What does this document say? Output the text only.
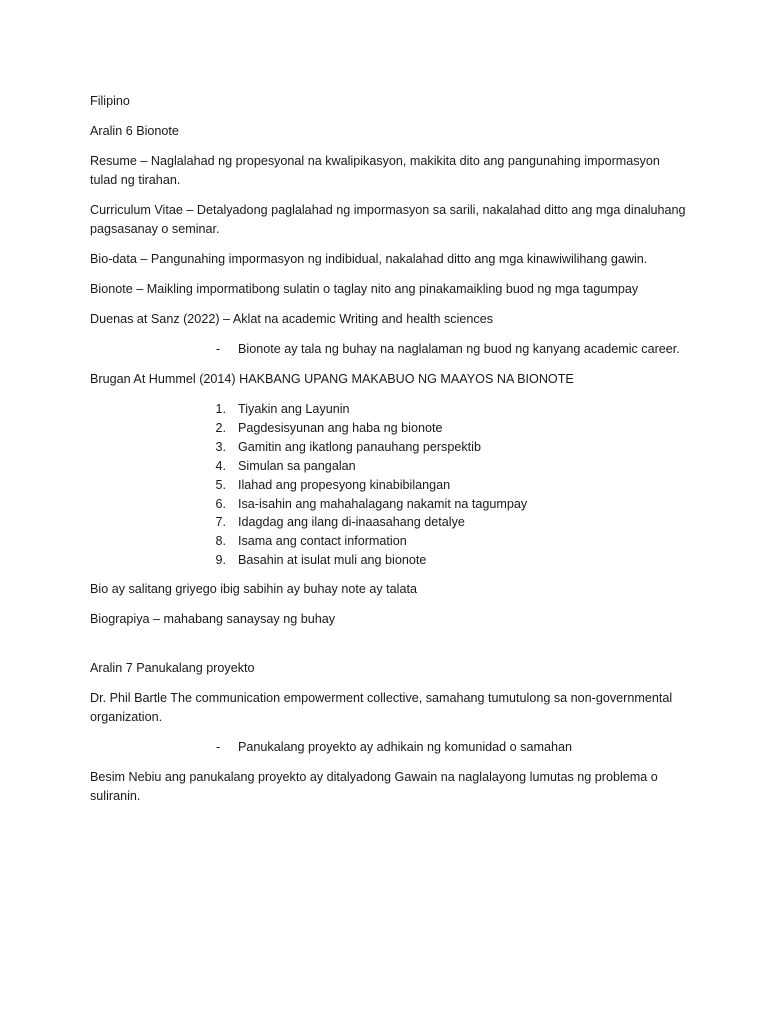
Filipino

Aralin 6 Bionote

Resume – Naglalahad ng propesyonal na kwalipikasyon, makikita dito ang pangunahing impormasyon tulad ng tirahan.

Curriculum Vitae – Detalyadong paglalahad ng impormasyon sa sarili, nakalahad ditto ang mga dinaluhang pagsasanay o seminar.

Bio-data – Pangunahing impormasyon ng indibidual, nakalahad ditto ang mga kinawiwilihang gawin.

Bionote – Maikling impormatibong sulatin o taglay nito ang pinakamaikling buod ng mga tagumpay

Duenas at Sanz (2022) – Aklat na academic Writing and health sciences

- Bionote ay tala ng buhay na naglalaman ng buod ng kanyang academic career.

Brugan At Hummel (2014) HAKBANG UPANG MAKABUO NG MAAYOS NA BIONOTE

1. Tiyakin ang Layunin
2. Pagdesisyunan ang haba ng bionote
3. Gamitin ang ikatlong panauhang perspektib
4. Simulan sa pangalan
5. Ilahad ang propesyong kinabibilangan
6. Isa-isahin ang mahahalagang nakamit na tagumpay
7. Idagdag ang ilang di-inaasahang detalye
8. Isama ang contact information
9. Basahin at isulat muli ang bionote

Bio ay salitang griyego ibig sabihin ay buhay note ay talata

Biograpiya – mahabang sanaysay ng buhay

Aralin 7 Panukalang proyekto

Dr. Phil Bartle The communication empowerment collective, samahang tumutulong sa non-governmental organization.

- Panukalang proyekto ay adhikain ng komunidad o samahan

Besim Nebiu ang panukalang proyekto ay ditalyadong Gawain na naglalayong lumutas ng problema o suliranin.
